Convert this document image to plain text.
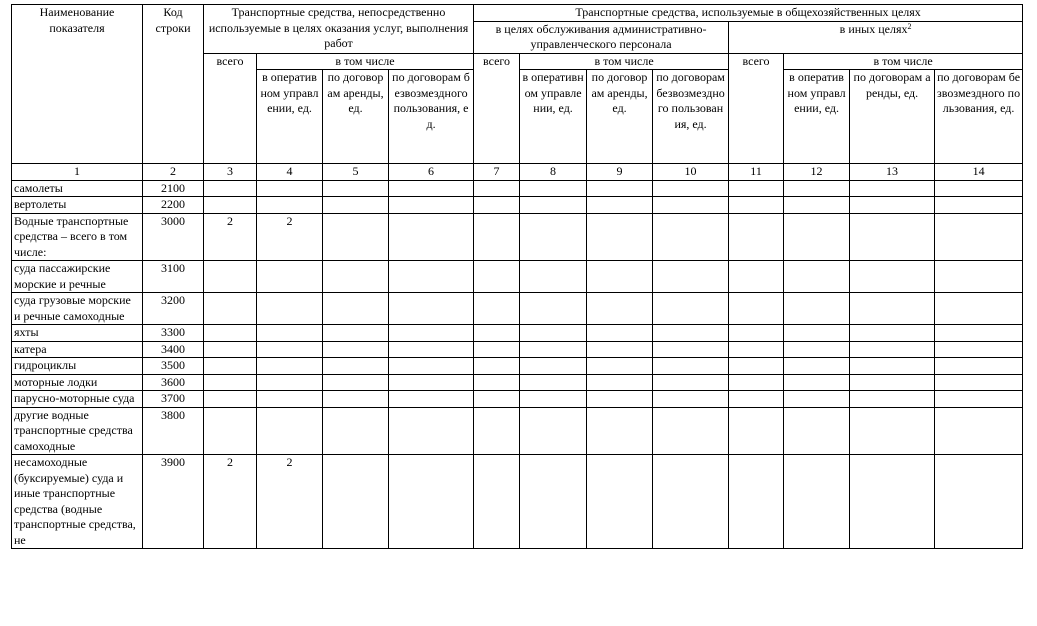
Наименование показателя	Код строки	Транспортные средства, непосредственно используемые в целях оказания услуг, выполнения работ				Транспортные средства, используемые в общехозяйственных целях							
						в целях обслуживания административно-управленческого персонала				в иных целях$^2$
		всего	в том числе			всего	в том числе			всего	в том числе		
			в оперативном управлении, ед.	по договорам аренды, ед.	по договорам безвозмездного пользования, ед.		в оперативном управлении, ед.	по договорам аренды, ед.	по договорам безвозмездного пользования, ед.		в оперативном управлении, ед.	по договорам аренды, ед.	по договорам безвозмездного пользования, ед.
1	2	3	4	5	6	7	8	9	10	11	12	13	14
самолеты	2100												
вертолеты	2200												
Водные транспортные средства – всего в том числе:	3000	2	2										
суда пассажирские морские и речные	3100												
суда грузовые морские и речные самоходные	3200												
яхты	3300												
катера	3400												
гидроциклы	3500												
моторные лодки	3600												
парусно-моторные суда	3700												
другие водные транспортные средства самоходные	3800												
несамоходные (буксируемые) суда и иные транспортные средства (водные транспортные средства, не	3900	2	2										
